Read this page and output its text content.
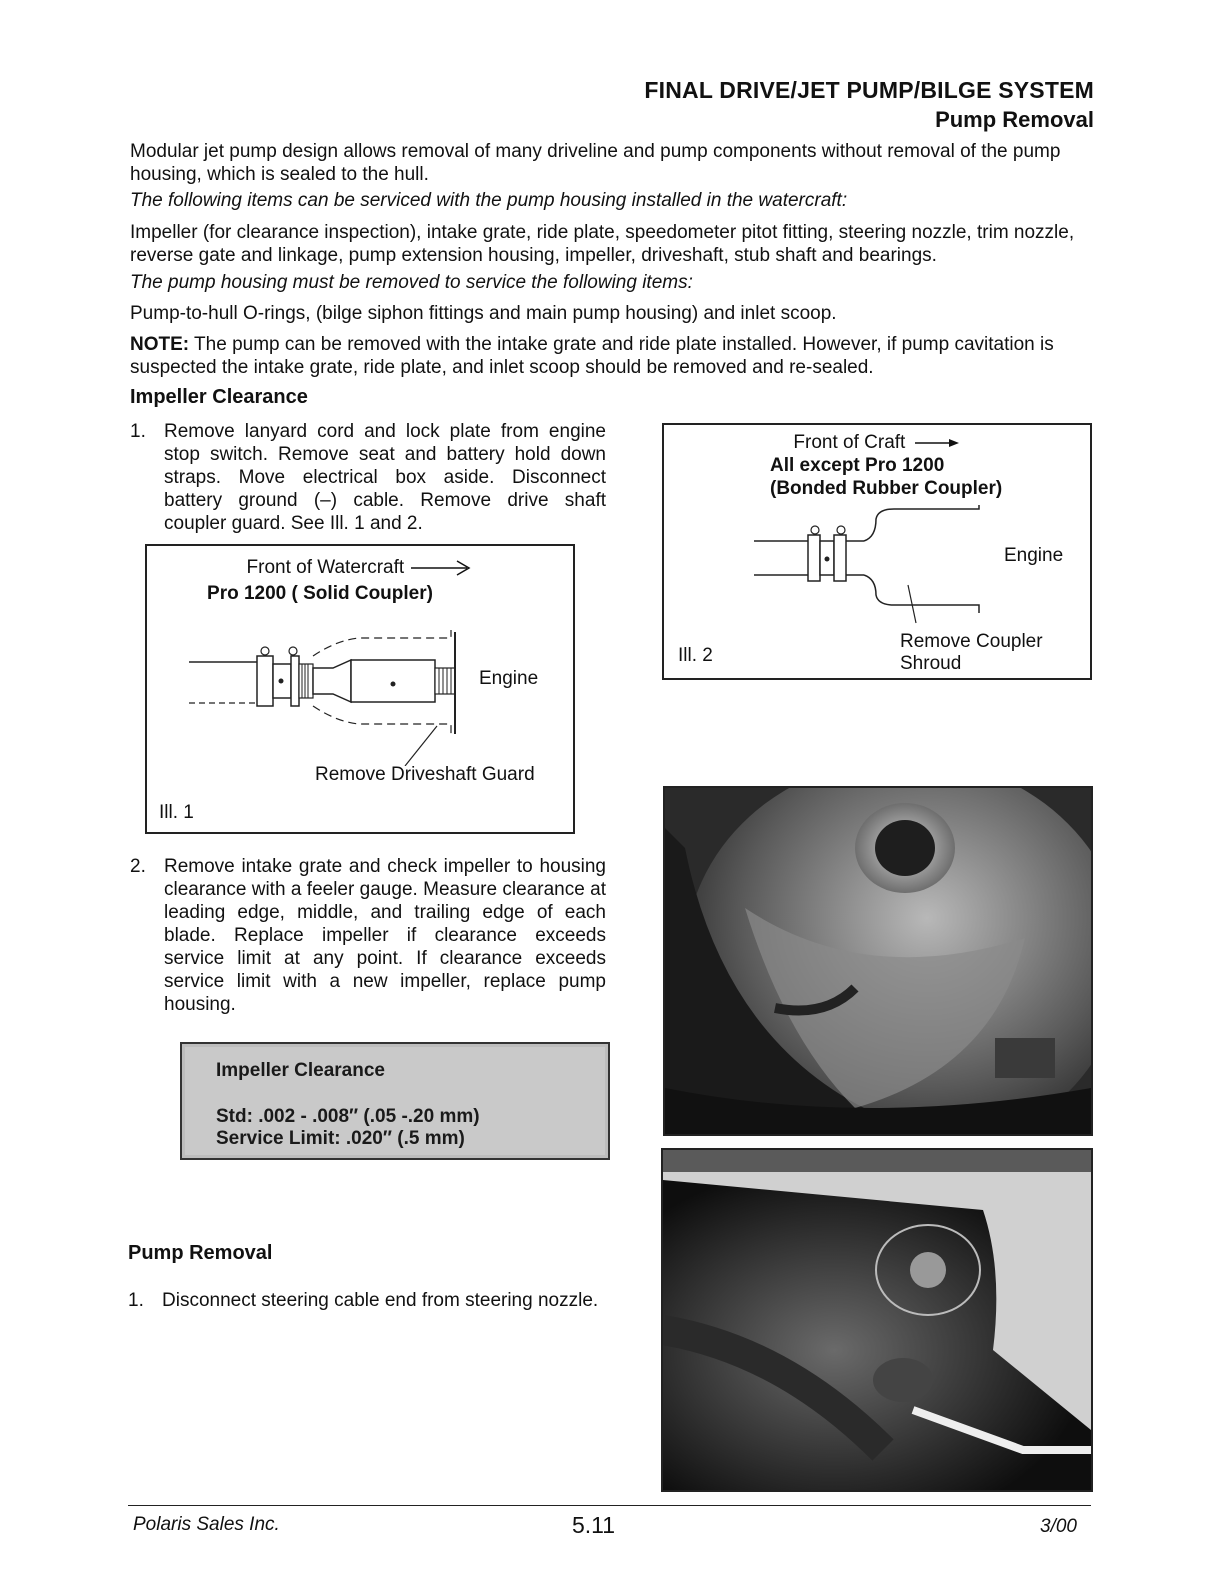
FINAL DRIVE/JET PUMP/BILGE SYSTEM
Pump Removal
Modular jet pump design allows removal of many driveline and pump components without removal of the pump housing, which is sealed to the hull.
The following items can be serviced with the pump housing installed in the watercraft:
Impeller (for clearance inspection), intake grate, ride plate, speedometer pitot fitting, steering nozzle, trim nozzle, reverse gate and linkage, pump extension housing, impeller, driveshaft, stub shaft and bearings.
The pump housing must be removed to service the following items:
Pump-to-hull O-rings, (bilge siphon fittings and main pump housing) and inlet scoop.
NOTE: The pump can be removed with the intake grate and ride plate installed. However, if pump cavitation is suspected the intake grate, ride plate, and inlet scoop should be removed and re-sealed.
Impeller Clearance
1. Remove lanyard cord and lock plate from engine stop switch. Remove seat and battery hold down straps. Move electrical box aside. Disconnect battery ground (–) cable. Remove drive shaft coupler guard. See Ill. 1 and 2.
Front of Watercraft
Pro 1200 ( Solid Coupler)
Engine
Remove Driveshaft Guard
Ill. 1
2. Remove intake grate and check impeller to housing clearance with a feeler gauge. Measure clearance at leading edge, middle, and trailing edge of each blade. Replace impeller if clearance exceeds service limit at any point. If clearance exceeds service limit with a new impeller, replace pump housing.
Impeller Clearance
Std: .002 - .008″ (.05 -.20 mm)
Service Limit: .020″ (.5 mm)
Pump Removal
1. Disconnect steering cable end from steering nozzle.
Front of Craft
All except Pro 1200
(Bonded Rubber Coupler)
Engine
Remove Coupler
Shroud
Ill. 2
Polaris Sales Inc.	5.11	3/00
